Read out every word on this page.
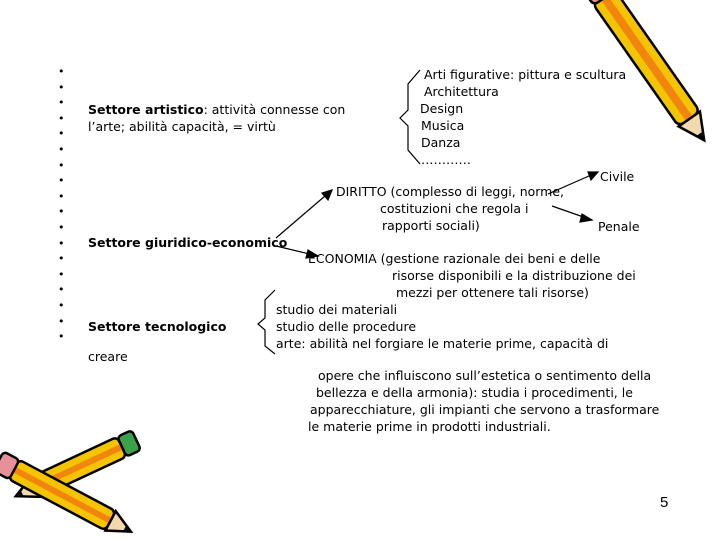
•
•
•
•
•
•
•
•
•
•
•
•
•
•
•
•
•
•
Settore artistico: attività connesse con
l’arte; abilità capacità, = virtù
Arti figurative: pittura e scultura
Architettura
Design
Musica
Danza
…………
Settore giuridico-economico
DIRITTO (complesso di leggi, norme,
costituzioni che regola i
rapporti sociali)
Civile
Penale
ECONOMIA (gestione razionale dei beni e delle
risorse disponibili e la distribuzione dei
mezzi per ottenere tali risorse)
Settore tecnologico
creare
studio dei materiali
studio delle procedure
arte: abilità nel forgiare le materie prime, capacità di
opere che influiscono sull’estetica o sentimento della
bellezza e della armonia): studia i procedimenti, le
apparecchiature, gli impianti che servono a trasformare
le materie prime in prodotti industriali.
5
